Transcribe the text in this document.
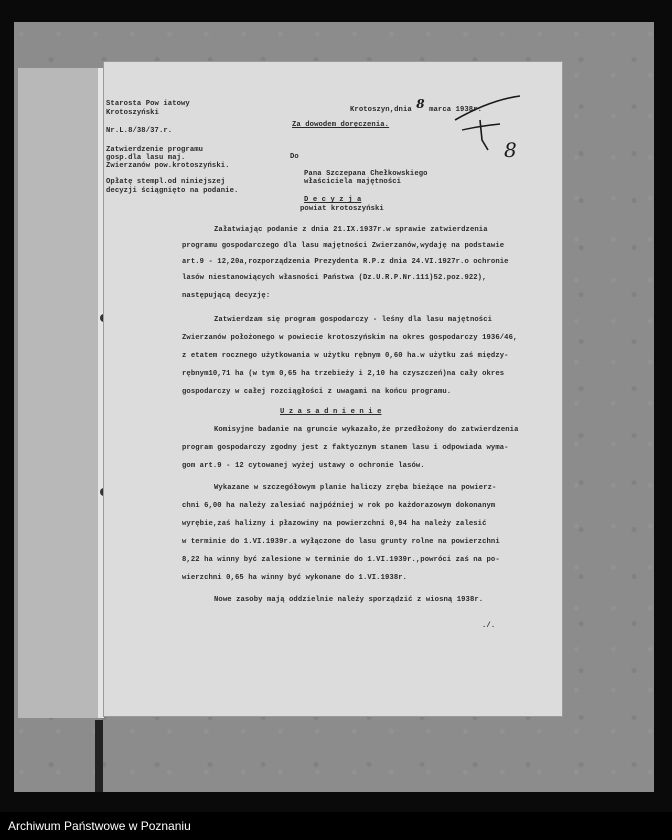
Starosta Pow iatowy
Krotoszyński
Nr.L.8/38/37.r.
Zatwierdzenie programu
gosp.dla lasu maj.
Zwierzanów pow.krotoszyński.
Opłatę stempl.od niniejszej
decyzji ściągnięto na podanie.
Krotoszyn,dnia 8 marca 1938r.
Za dowodem doręczenia.
Do
Pana Szczepana Chełkowskiego
właściciela majętności
D e c y z j a
powiat krotoszyński
Załatwiając podanie z dnia 21.IX.1937r.w sprawie zatwierdzenia
programu gospodarczego dla lasu majętności Zwierzanów,wydaję na podstawie
art.9 - 12,20a,rozporządzenia Prezydenta R.P.z dnia 24.VI.1927r.o ochronie
lasów niestanowiących własności Państwa (Dz.U.R.P.Nr.111)52.poz.922),
następującą decyzję:
Zatwierdzam się program gospodarczy - leśny dla lasu majętności
Zwierzanów położonego w powiecie krotoszyńskim na okres gospodarczy 1936/46,
z etatem rocznego użytkowania w użytku rębnym 0,60 ha.w użytku zaś między-
rębnym10,71 ha (w tym 0,65 ha trzebieży i 2,10 ha czyszczeń)na cały okres
gospodarczy w całej rozciągłości z uwagami na końcu programu.
U z a s a d n i e n i e
Komisyjne badanie na gruncie wykazało,że przedłożony do zatwierdzenia
program gospodarczy zgodny jest z faktycznym stanem lasu i odpowiada wyma-
gom art.9 - 12 cytowanej wyżej ustawy o ochronie lasów.
Wykazane w szczegółowym planie haliczy zręba bieżące na powierz-
chni 6,00 ha należy zalesiać najpóźniej w rok po każdorazowym dokonanym
wyrębie,zaś halizny i płazowiny na powierzchni 0,94 ha należy zalesić
w terminie do 1.VI.1939r.a wyłączone do lasu grunty rolne na powierzchni
8,22 ha winny być zalesione w terminie do 1.VI.1939r.,powróci zaś na po-
wierzchni 0,65 ha winny być wykonane do 1.VI.1938r.
Nowe zasoby mają oddzielnie należy sporządzić z wiosną 1938r.
./.
8
Archiwum Państwowe w Poznaniu
